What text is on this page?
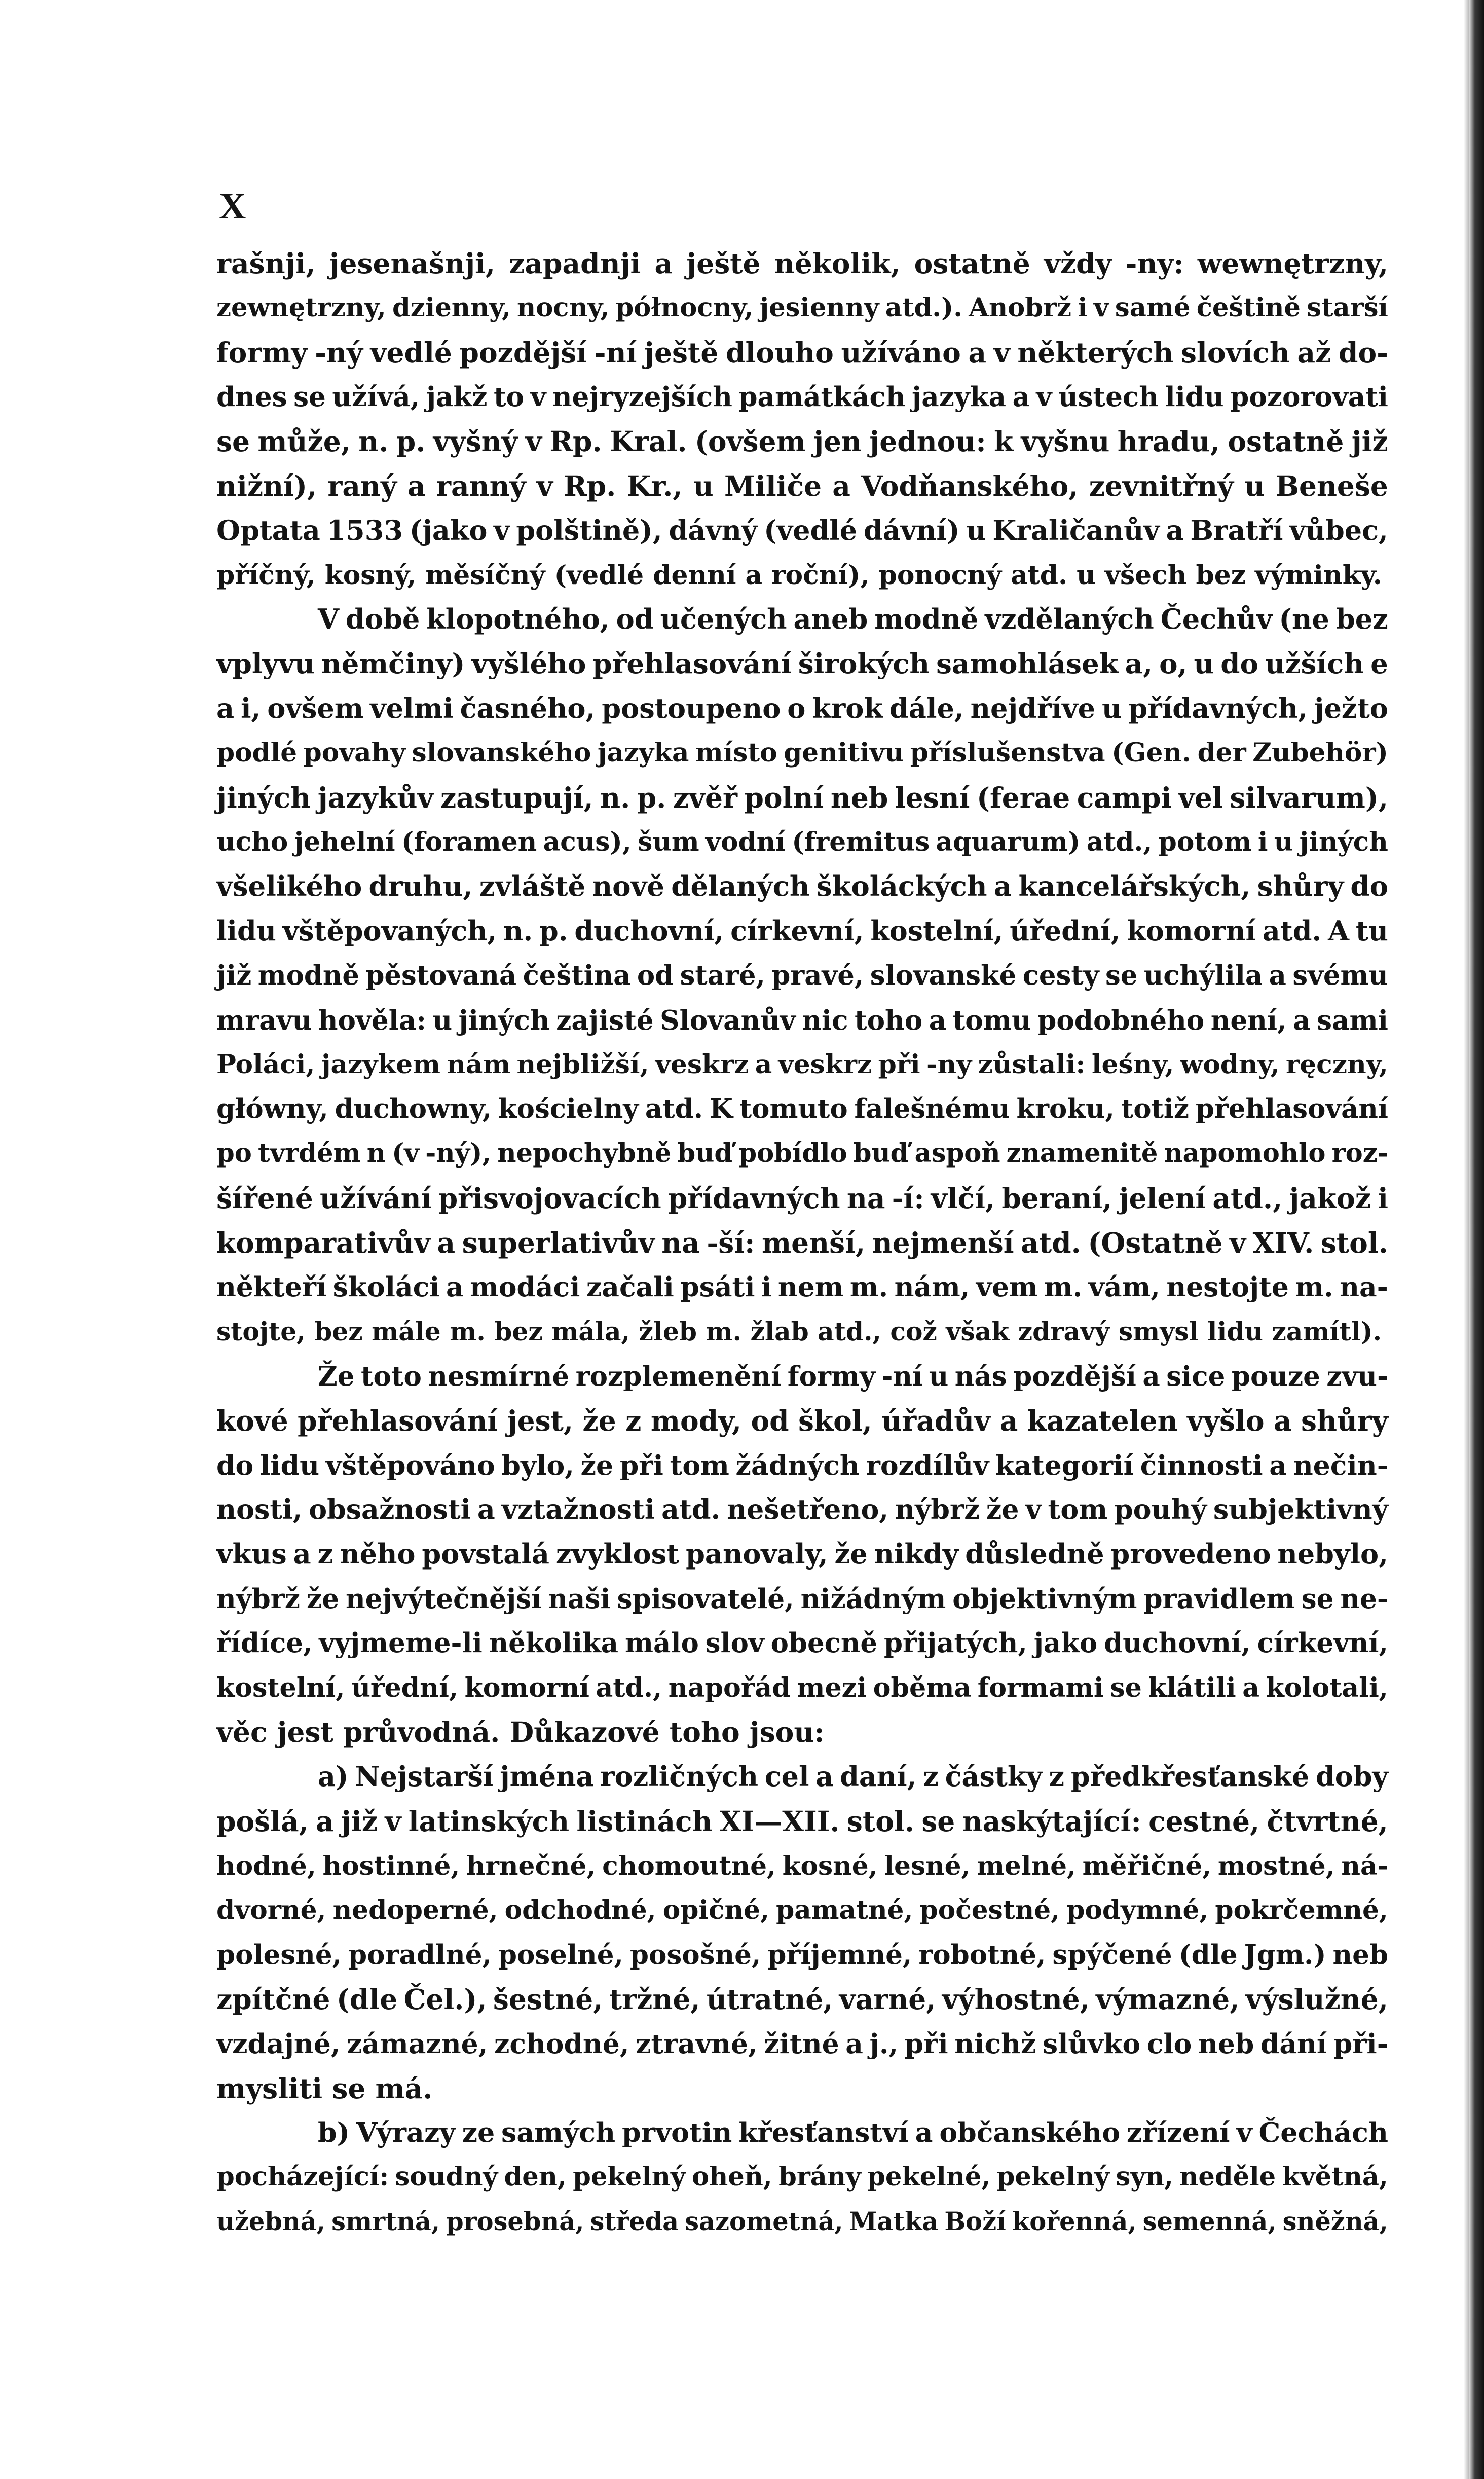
X
rašnji, jesenašnji, zapadnji a ještě několik, ostatně vždy -ny: wewnętrzny,
zewnętrzny, dzienny, nocny, północny, jesienny atd.). Anobrž i v samé češtině starší
formy -ný vedlé pozdější -ní ještě dlouho užíváno a v některých slovích až do-
dnes se užívá, jakž to v nejryzejších památkách jazyka a v ústech lidu pozorovati
se může, n. p. vyšný v Rp. Kral. (ovšem jen jednou: k vyšnu hradu, ostatně již
nižní), raný a ranný v Rp. Kr., u Miliče a Vodňanského, zevnitřný u Beneše
Optata 1533 (jako v polštině), dávný (vedlé dávní) u Kraličanův a Bratří vůbec,
příčný, kosný, měsíčný (vedlé denní a roční), ponocný atd. u všech bez výminky.
V době klopotného, od učených aneb modně vzdělaných Čechův (ne bez
vplyvu němčiny) vyšlého přehlasování širokých samohlásek a, o, u do užších e
a i, ovšem velmi časného, postoupeno o krok dále, nejdříve u přídavných, ježto
podlé povahy slovanského jazyka místo genitivu příslušenstva (Gen. der Zubehör)
jiných jazykův zastupují, n. p. zvěř polní neb lesní (ferae campi vel silvarum),
ucho jehelní (foramen acus), šum vodní (fremitus aquarum) atd., potom i u jiných
všelikého druhu, zvláště nově dělaných školáckých a kancelářských, shůry do
lidu vštěpovaných, n. p. duchovní, církevní, kostelní, úřední, komorní atd. A tu
již modně pěstovaná čeština od staré, pravé, slovanské cesty se uchýlila a svému
mravu hověla: u jiných zajisté Slovanův nic toho a tomu podobného není, a sami
Poláci, jazykem nám nejbližší, veskrz a veskrz při -ny zůstali: leśny, wodny, ręczny,
główny, duchowny, kościelny atd. K tomuto falešnému kroku, totiž přehlasování
po tvrdém n (v -ný), nepochybně buď pobídlo buď aspoň znamenitě napomohlo roz-
šířené užívání přisvojovacích přídavných na -í: vlčí, beraní, jelení atd., jakož i
komparativův a superlativův na -ší: menší, nejmenší atd. (Ostatně v XIV. stol.
někteří školáci a modáci začali psáti i nem m. nám, vem m. vám, nestojte m. na-
stojte, bez mále m. bez mála, žleb m. žlab atd., což však zdravý smysl lidu zamítl).
Že toto nesmírné rozplemenění formy -ní u nás pozdější a sice pouze zvu-
kové přehlasování jest, že z mody, od škol, úřadův a kazatelen vyšlo a shůry
do lidu vštěpováno bylo, že při tom žádných rozdílův kategorií činnosti a nečin-
nosti, obsažnosti a vztažnosti atd. nešetřeno, nýbrž že v tom pouhý subjektivný
vkus a z něho povstalá zvyklost panovaly, že nikdy důsledně provedeno nebylo,
nýbrž že nejvýtečnější naši spisovatelé, nižádným objektivným pravidlem se ne-
řídíce, vyjmeme-li několika málo slov obecně přijatých, jako duchovní, církevní,
kostelní, úřední, komorní atd., napořád mezi oběma formami se klátili a kolotali,
věc jest průvodná. Důkazové toho jsou:
a) Nejstarší jména rozličných cel a daní, z částky z předkřesťanské doby
pošlá, a již v latinských listinách XI—XII. stol. se naskýtající: cestné, čtvrtné,
hodné, hostinné, hrnečné, chomoutné, kosné, lesné, melné, měřičné, mostné, ná-
dvorné, nedoperné, odchodné, opičné, pamatné, počestné, podymné, pokrčemné,
polesné, poradlné, poselné, posošné, příjemné, robotné, spýčené (dle Jgm.) neb
zpítčné (dle Čel.), šestné, tržné, útratné, varné, výhostné, výmazné, výslužné,
vzdajné, zámazné, zchodné, ztravné, žitné a j., při nichž slůvko clo neb dání při-
mysliti se má.
b) Výrazy ze samých prvotin křesťanství a občanského zřízení v Čechách
pocházející: soudný den, pekelný oheň, brány pekelné, pekelný syn, neděle květná,
užebná, smrtná, prosebná, středa sazometná, Matka Boží kořenná, semenná, sněžná,
